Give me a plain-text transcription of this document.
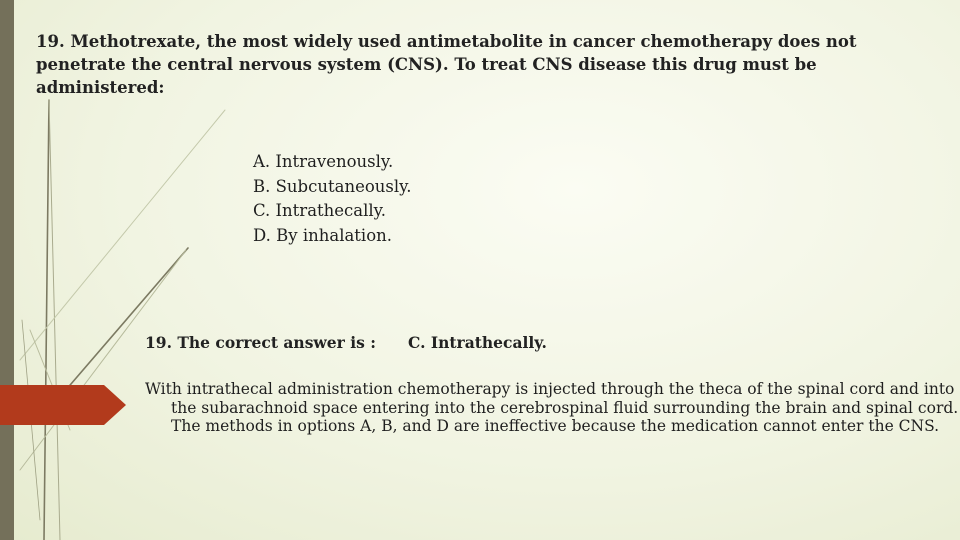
19. Methotrexate, the most widely used antimetabolite in cancer chemotherapy does not penetrate the central nervous system (CNS). To treat CNS disease this drug must be administered:
A. Intravenously.
B. Subcutaneously.
C. Intrathecally.
D. By inhalation.
19. The correct answer is : C. Intrathecally.
With intrathecal administration chemotherapy is injected through the theca of the spinal cord and into the subarachnoid space entering into the cerebrospinal fluid surrounding the brain and spinal cord. The methods in options A, B, and D are ineffective because the medication cannot enter the CNS.
